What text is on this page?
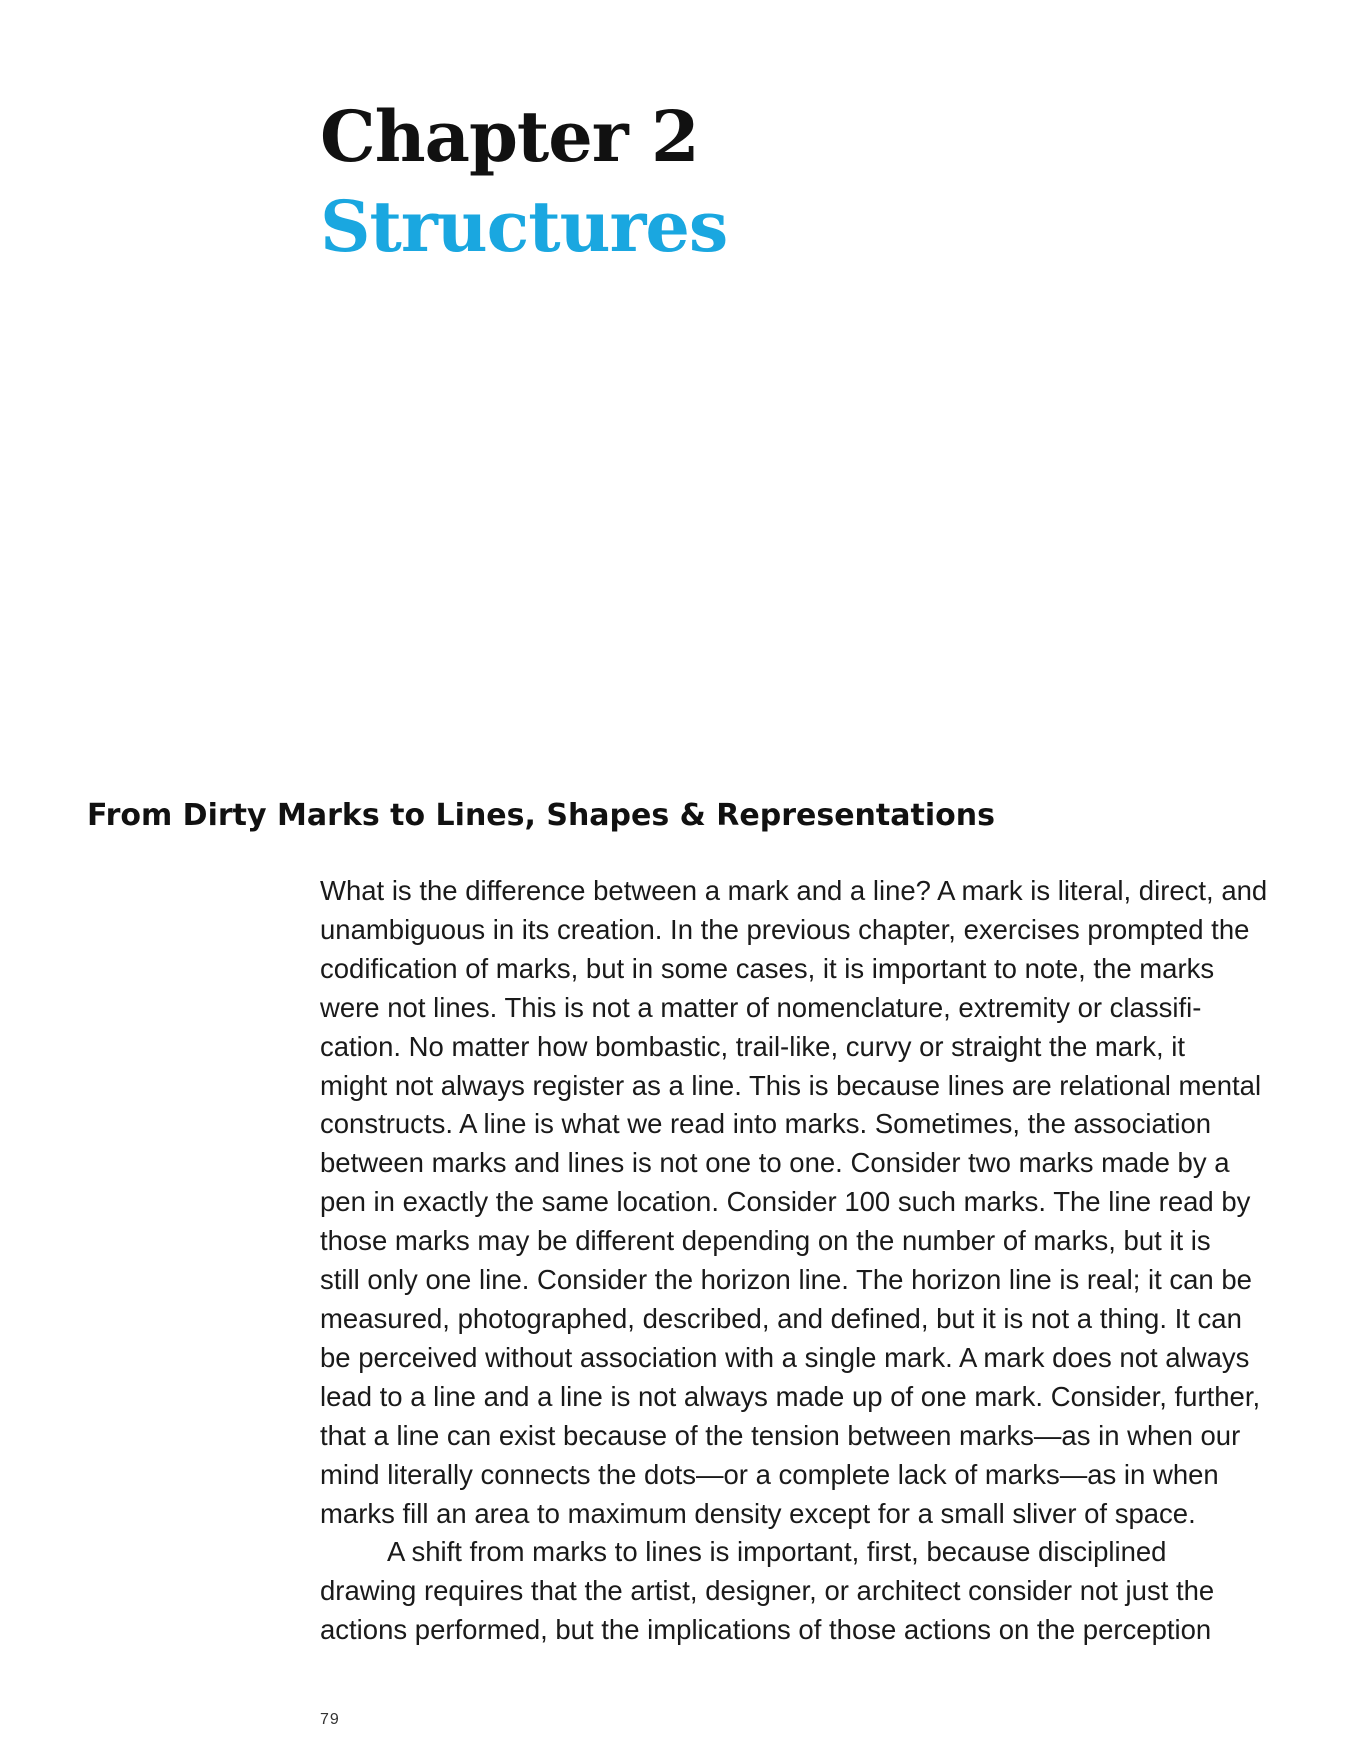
Chapter 2
Structures
From Dirty Marks to Lines, Shapes & Representations
What is the difference between a mark and a line? A mark is literal, direct, and
unambiguous in its creation. In the previous chapter, exercises prompted the
codification of marks, but in some cases, it is important to note, the marks
were not lines. This is not a matter of nomenclature, extremity or classifi-
cation. No matter how bombastic, trail-like, curvy or straight the mark, it
might not always register as a line. This is because lines are relational mental
constructs. A line is what we read into marks. Sometimes, the association
between marks and lines is not one to one. Consider two marks made by a
pen in exactly the same location. Consider 100 such marks. The line read by
those marks may be different depending on the number of marks, but it is
still only one line. Consider the horizon line. The horizon line is real; it can be
measured, photographed, described, and defined, but it is not a thing. It can
be perceived without association with a single mark. A mark does not always
lead to a line and a line is not always made up of one mark. Consider, further,
that a line can exist because of the tension between marks—as in when our
mind literally connects the dots—or a complete lack of marks—as in when
marks fill an area to maximum density except for a small sliver of space.
A shift from marks to lines is important, first, because disciplined
drawing requires that the artist, designer, or architect consider not just the
actions performed, but the implications of those actions on the perception
79
